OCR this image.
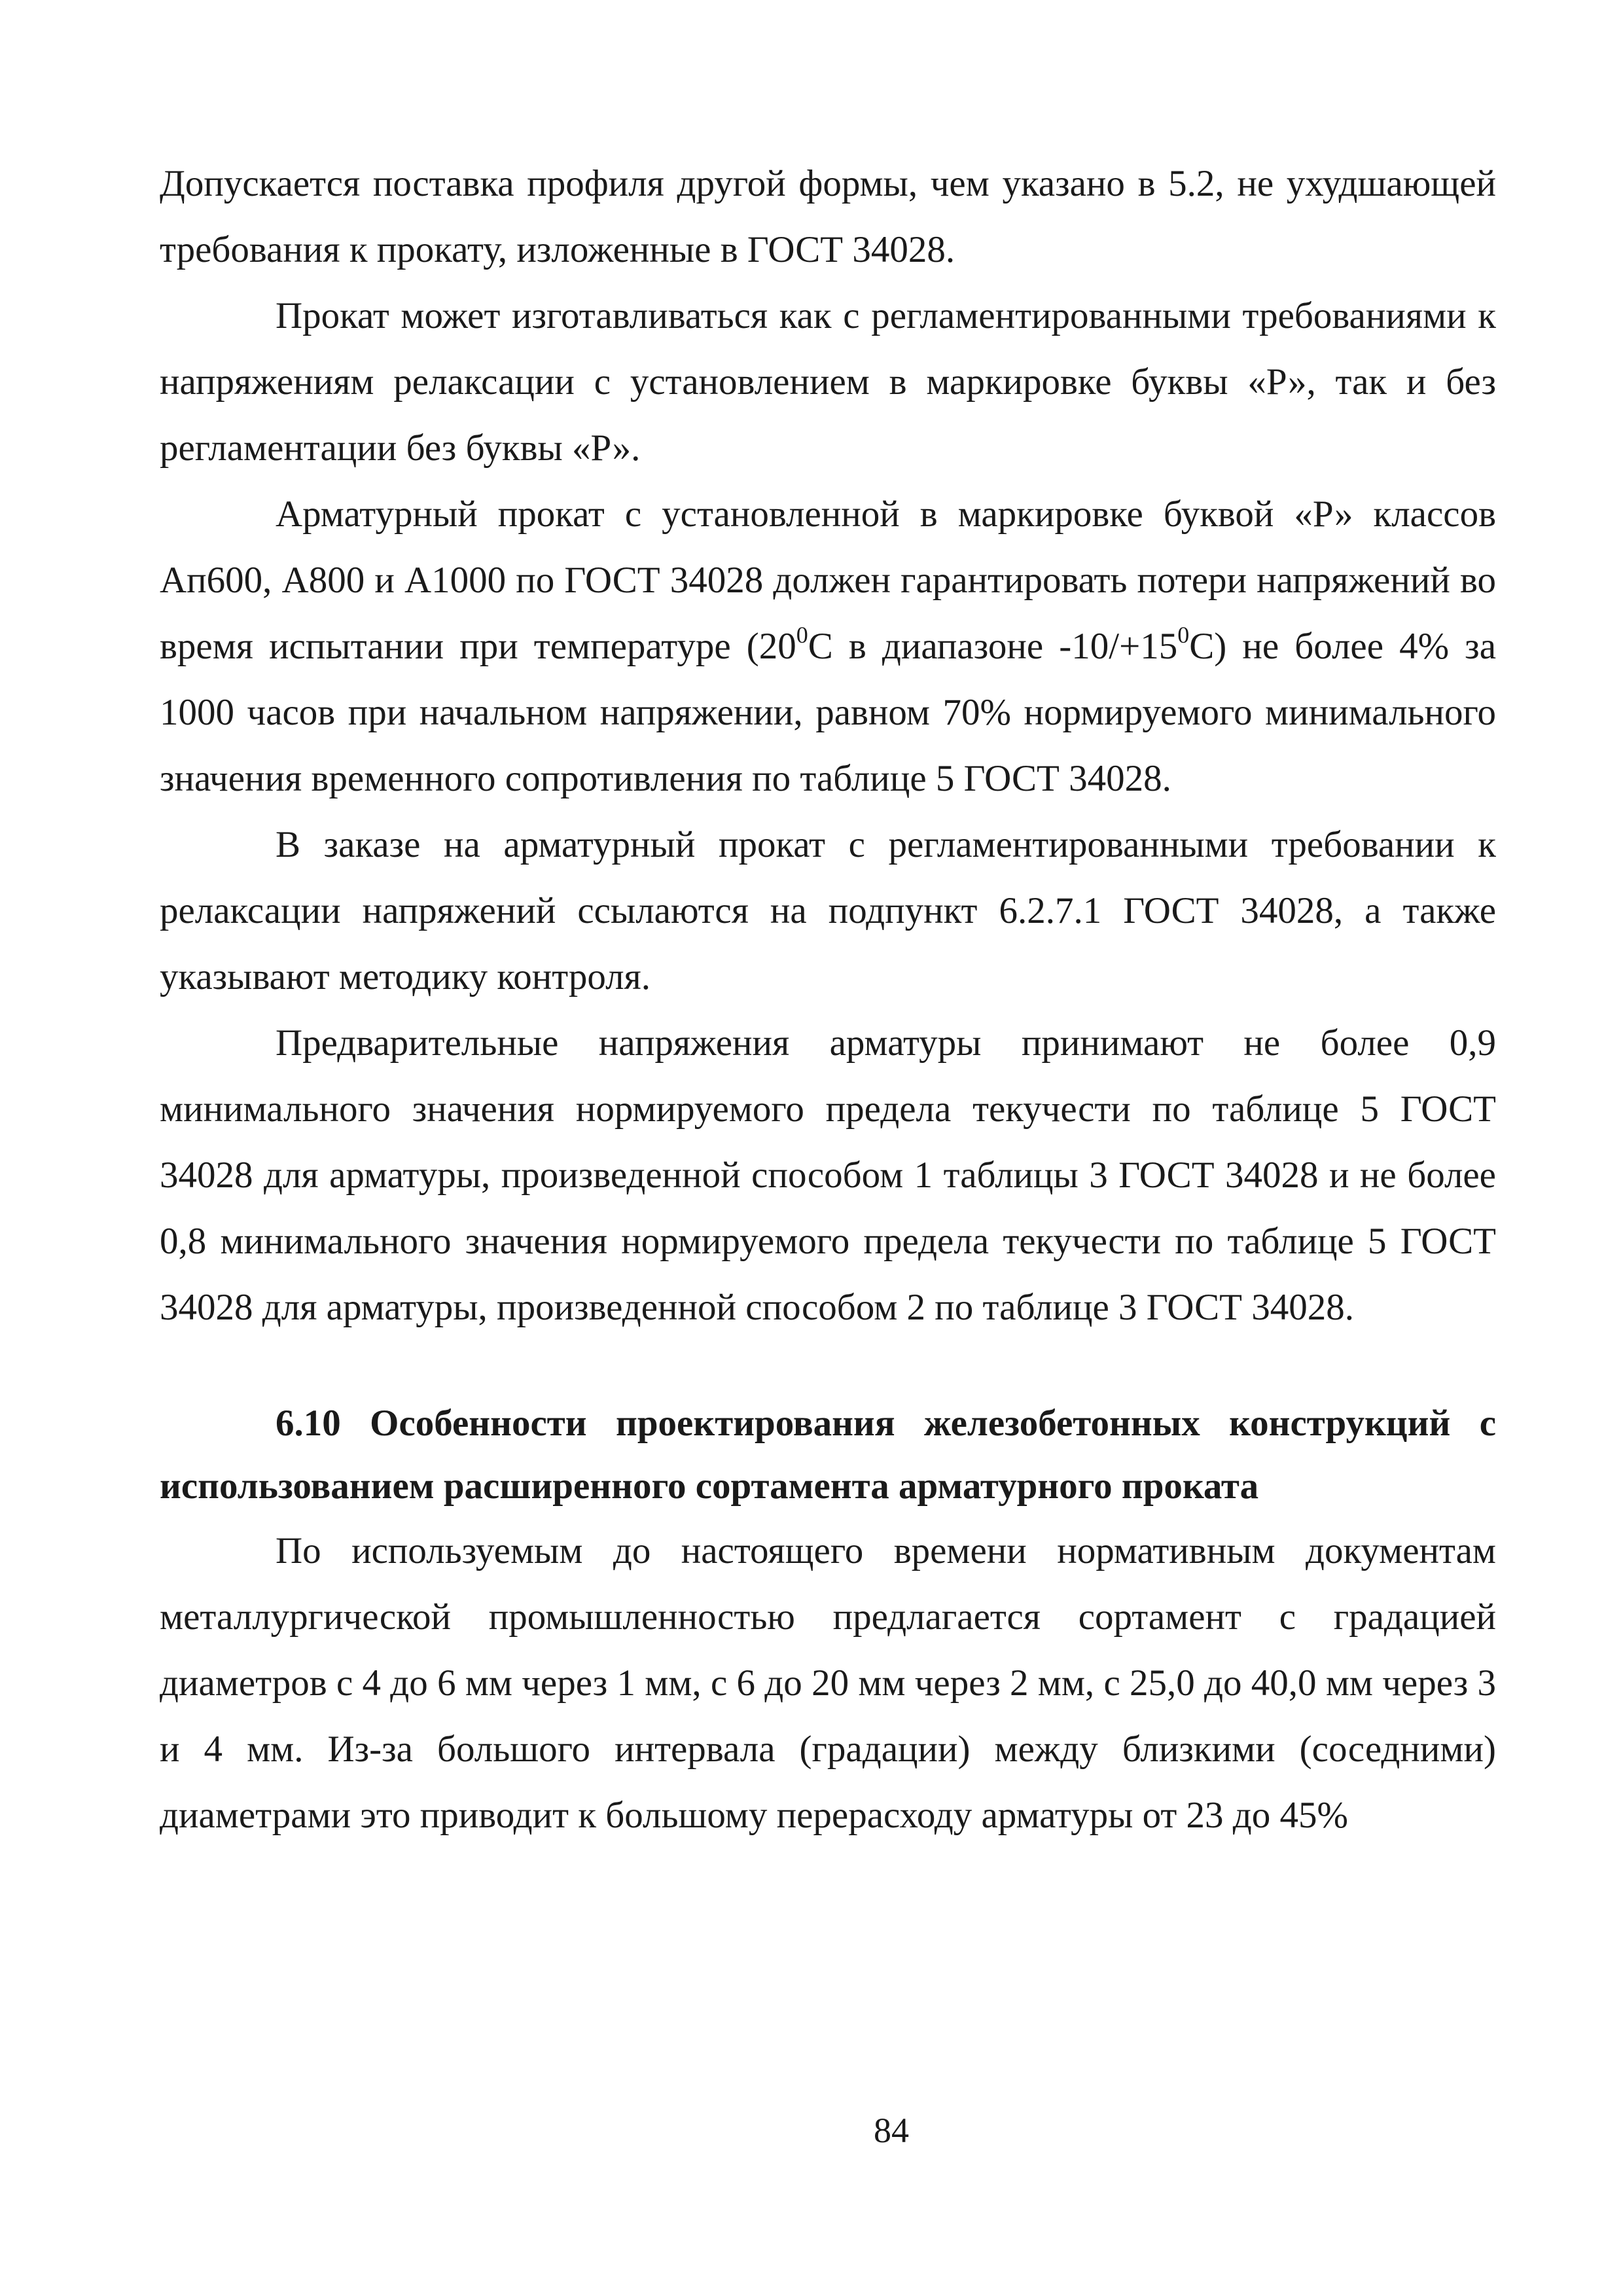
Допускается поставка профиля другой формы, чем указано в 5.2, не ухудшающей требования к прокату, изложенные в ГОСТ 34028.

Прокат может изготавливаться как с регламентированными требованиями к напряжениям релаксации с установлением в маркировке буквы «Р», так и без регламентации без буквы «Р».

Арматурный прокат с установленной в маркировке буквой «Р» классов Ап600, А800 и А1000 по ГОСТ 34028 должен гарантировать потери напряжений во время испытании при температуре ($20^0С$ в диапазоне $-10/+15^0С$) не более 4% за 1000 часов при начальном напряжении, равном 70% нормируемого минимального значения временного сопротивления по таблице 5 ГОСТ 34028.

В заказе на арматурный прокат с регламентированными требовании к релаксации напряжений ссылаются на подпункт 6.2.7.1 ГОСТ 34028, а также указывают методику контроля.

Предварительные напряжения арматуры принимают не более 0,9 минимального значения нормируемого предела текучести по таблице 5 ГОСТ 34028 для арматуры, произведенной способом 1 таблицы 3 ГОСТ 34028 и не более 0,8 минимального значения нормируемого предела текучести по таблице 5 ГОСТ 34028 для арматуры, произведенной способом 2 по таблице 3 ГОСТ 34028.

6.10 Особенности проектирования железобетонных конструкций с использованием расширенного сортамента арматурного проката

По используемым до настоящего времени нормативным документам металлургической промышленностью предлагается сортамент с градацией диаметров с 4 до 6 мм через 1 мм, с 6 до 20 мм через 2 мм, с 25,0 до 40,0 мм через 3 и 4 мм. Из-за большого интервала (градации) между близкими (соседними) диаметрами это приводит к большому перерасходу арматуры от 23 до 45%

84
